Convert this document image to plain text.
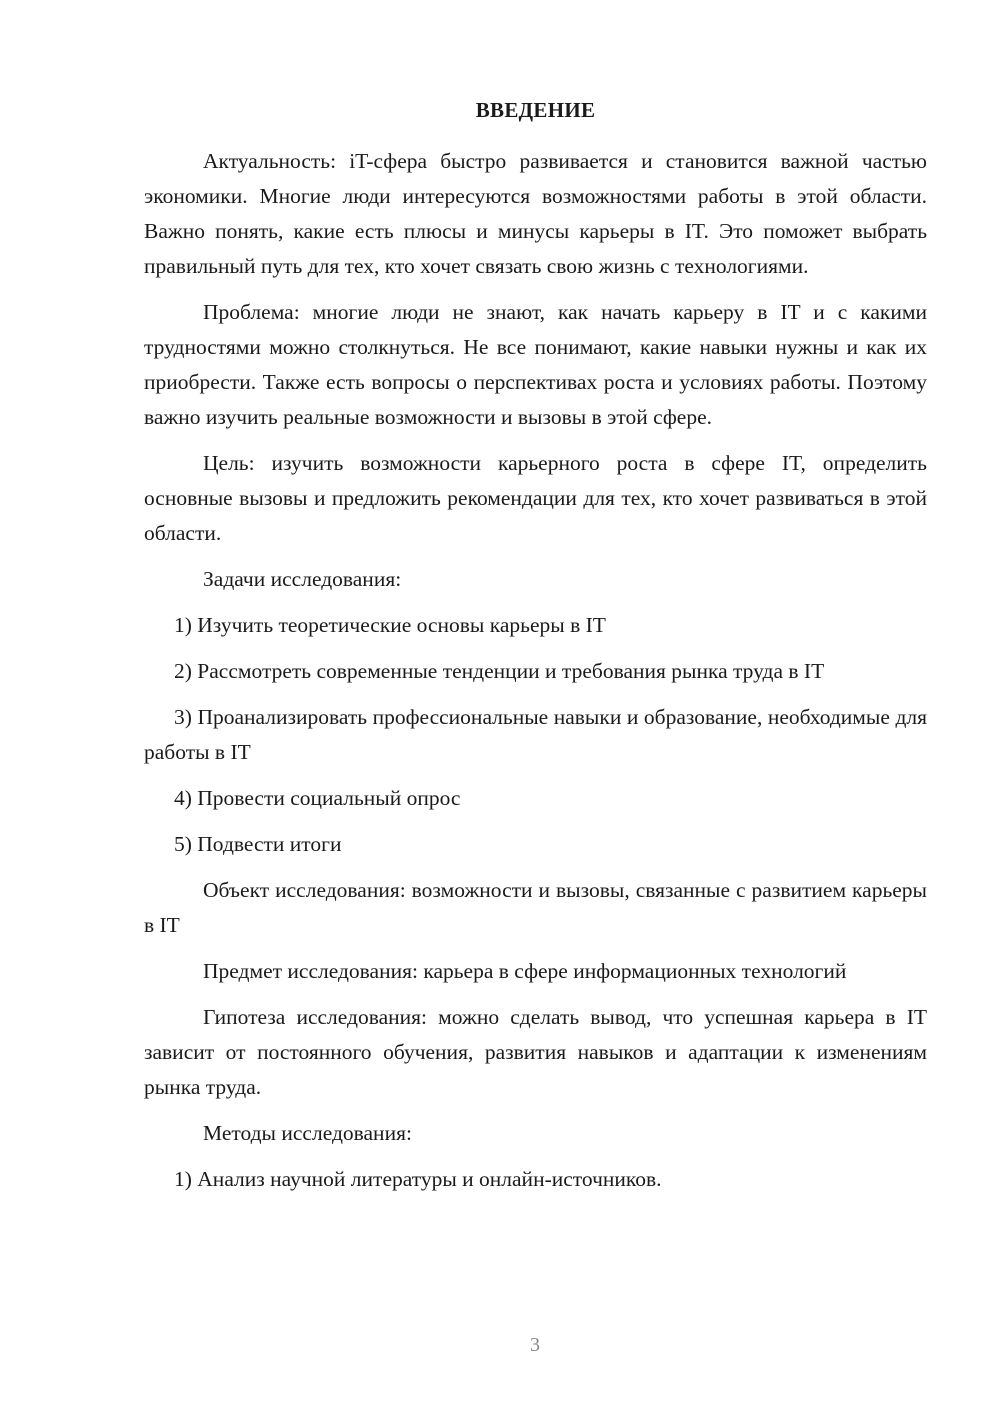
ВВЕДЕНИЕ

Актуальность: iT-сфера быстро развивается и становится важной частью экономики. Многие люди интересуются возможностями работы в этой области. Важно понять, какие есть плюсы и минусы карьеры в IT. Это поможет выбрать правильный путь для тех, кто хочет связать свою жизнь с технологиями.

Проблема: многие люди не знают, как начать карьеру в IT и с какими трудностями можно столкнуться. Не все понимают, какие навыки нужны и как их приобрести. Также есть вопросы о перспективах роста и условиях работы. Поэтому важно изучить реальные возможности и вызовы в этой сфере.

Цель: изучить возможности карьерного роста в сфере IT, определить основные вызовы и предложить рекомендации для тех, кто хочет развиваться в этой области.

Задачи исследования:

1) Изучить теоретические основы карьеры в IT

2) Рассмотреть современные тенденции и требования рынка труда в IT

3) Проанализировать профессиональные навыки и образование, необходимые для работы в IT

4) Провести социальный опрос

5) Подвести итоги

Объект исследования: возможности и вызовы, связанные с развитием карьеры в IT

Предмет исследования: карьера в сфере информационных технологий

Гипотеза исследования: можно сделать вывод, что успешная карьера в IT зависит от постоянного обучения, развития навыков и адаптации к изменениям рынка труда.

Методы исследования:

1) Анализ научной литературы и онлайн-источников.

3
